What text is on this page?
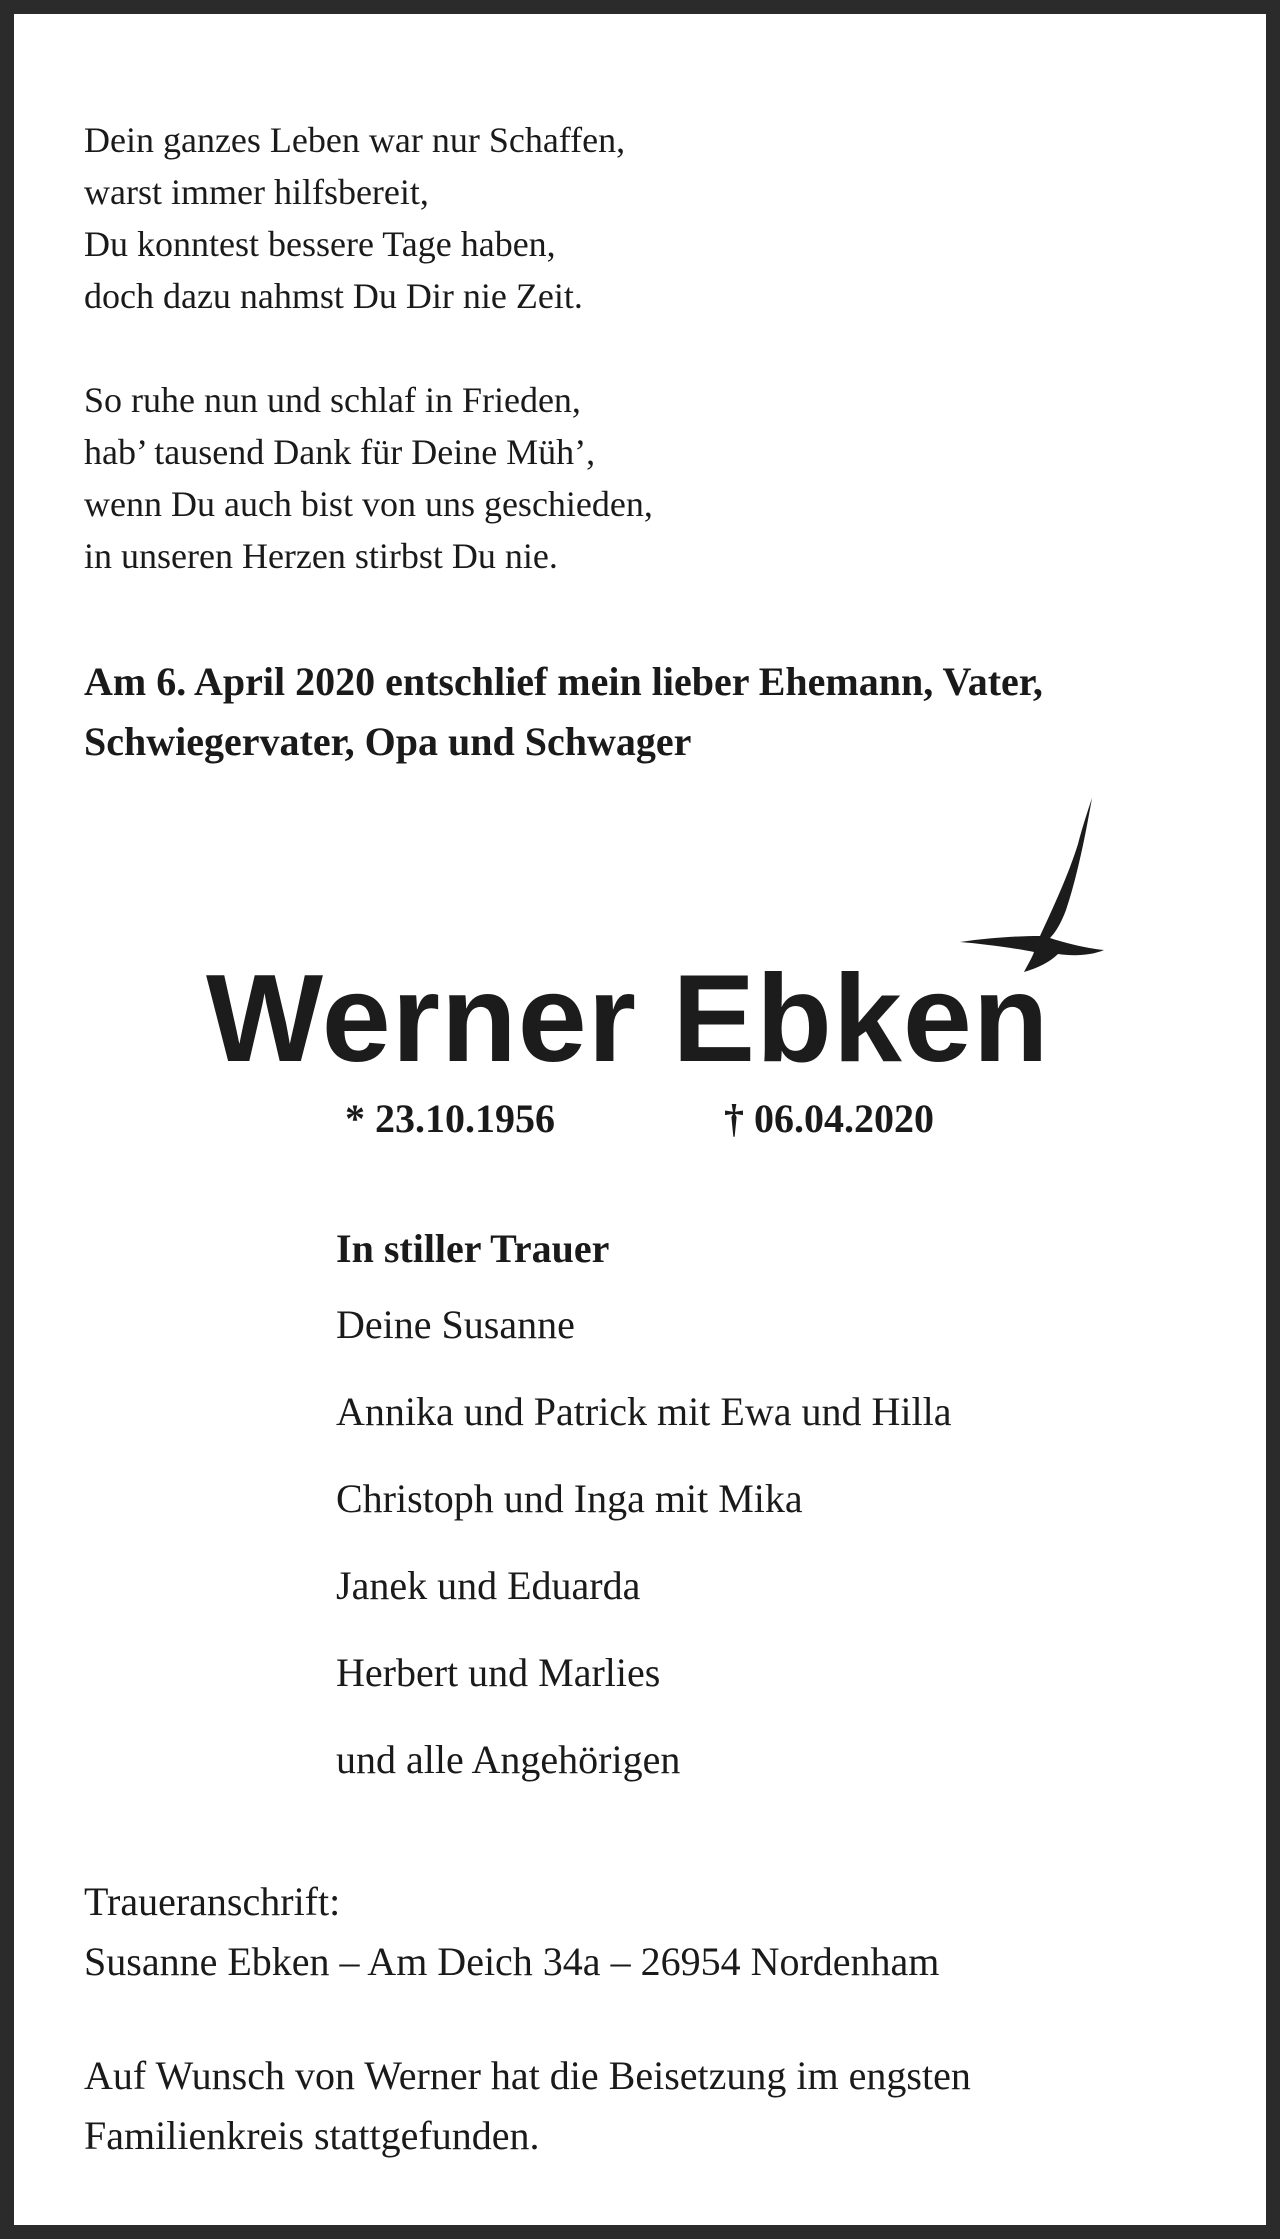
Dein ganzes Leben war nur Schaffen,
warst immer hilfsbereit,
Du konntest bessere Tage haben,
doch dazu nahmst Du Dir nie Zeit.

So ruhe nun und schlaf in Frieden,
hab’ tausend Dank für Deine Müh’,
wenn Du auch bist von uns geschieden,
in unseren Herzen stirbst Du nie.

Am 6. April 2020 entschlief mein lieber Ehemann, Vater,
Schwiegervater, Opa und Schwager
Werner Ebken
* 23.10.1956	† 06.04.2020
In stiller Trauer
Deine Susanne
Annika und Patrick mit Ewa und Hilla
Christoph und Inga mit Mika
Janek und Eduarda
Herbert und Marlies
und alle Angehörigen
Traueranschrift:
Susanne Ebken – Am Deich 34a – 26954 Nordenham
Auf Wunsch von Werner hat die Beisetzung im engsten
Familienkreis stattgefunden.
